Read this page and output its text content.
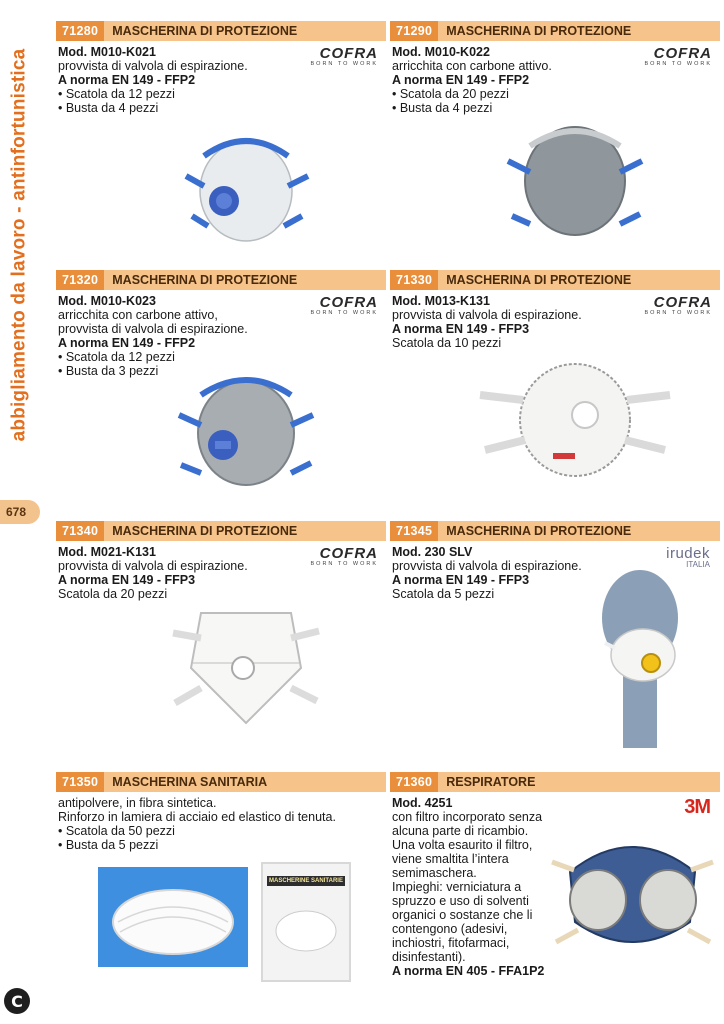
abbigliamento da lavoro - antinfortunistica
678
C
71280	MASCHERINA DI PROTEZIONE
COFRA
BORN TO WORK
Mod. M010-K021
provvista di valvola di espirazione.
A norma EN 149 - FFP2
• Scatola da 12 pezzi
• Busta da 4 pezzi
71290	MASCHERINA DI PROTEZIONE
COFRA
BORN TO WORK
Mod. M010-K022
arricchita con carbone attivo.
A norma EN 149 - FFP2
• Scatola da 20 pezzi
• Busta da 4 pezzi
71320	MASCHERINA DI PROTEZIONE
COFRA
BORN TO WORK
Mod. M010-K023
arricchita con carbone attivo,
provvista di valvola di espirazione.
A norma EN 149 - FFP2
• Scatola da 12 pezzi
• Busta da 3 pezzi
71330	MASCHERINA DI PROTEZIONE
COFRA
BORN TO WORK
Mod. M013-K131
provvista di valvola di espirazione.
A norma EN 149 - FFP3
Scatola da 10 pezzi
71340	MASCHERINA DI PROTEZIONE
COFRA
BORN TO WORK
Mod. M021-K131
provvista di valvola di espirazione.
A norma EN 149 - FFP3
Scatola da 20 pezzi
71345	MASCHERINA DI PROTEZIONE
irudek
ITALIA
Mod. 230 SLV
provvista di valvola di espirazione.
A norma EN 149 - FFP3
Scatola da 5 pezzi
71350	MASCHERINA SANITARIA
antipolvere, in fibra sintetica.
Rinforzo in lamiera di acciaio ed elastico di tenuta.
• Scatola da 50 pezzi
• Busta da 5 pezzi
MASCHERINE SANITARIE
71360	RESPIRATORE
3M
Mod. 4251
con filtro incorporato senza
alcuna parte di ricambio.
Una volta esaurito il filtro,
viene smaltita l’intera
semimaschera.
Impieghi: verniciatura a
spruzzo e uso di solventi
organici o sostanze che li
contengono (adesivi,
inchiostri, fitofarmaci,
disinfestanti).
A norma EN 405 - FFA1P2
